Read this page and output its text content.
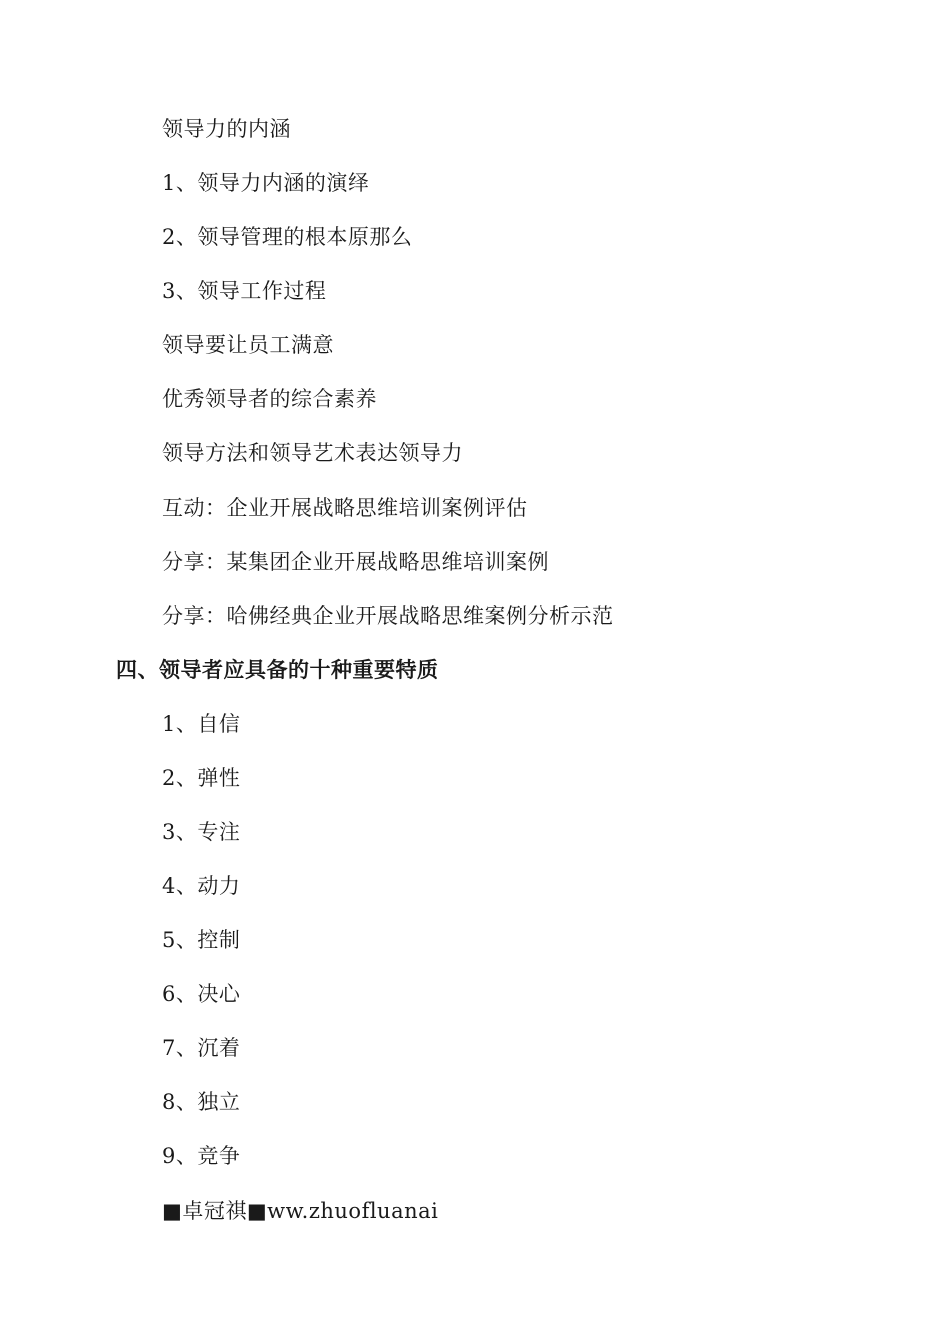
领导力的内涵
1、领导力内涵的演绎
2、领导管理的根本原那么
3、领导工作过程
领导要让员工满意
优秀领导者的综合素养
领导方法和领导艺术表达领导力
互动：企业开展战略思维培训案例评估
分享：某集团企业开展战略思维培训案例
分享：哈佛经典企业开展战略思维案例分析示范
四、领导者应具备的十种重要特质
1、自信
2、弹性
3、专注
4、动力
5、控制
6、决心
7、沉着
8、独立
9、竞争
■卓冠祺■ww.zhuofluanai
